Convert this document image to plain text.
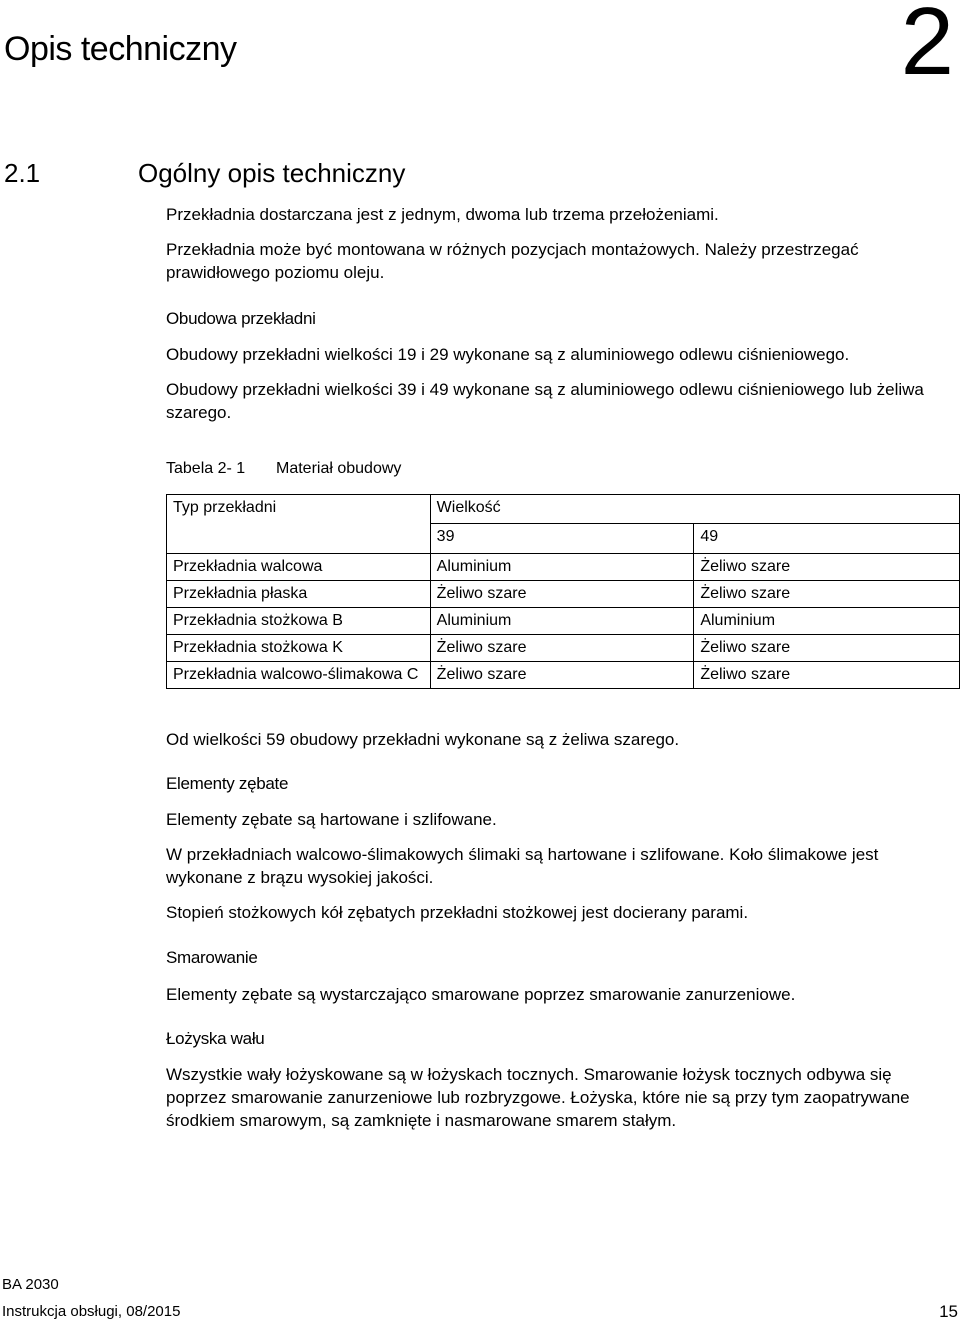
Opis techniczny	2
2.1	Ogólny opis techniczny
Przekładnia dostarczana jest z jednym, dwoma lub trzema przełożeniami.
Przekładnia może być montowana w różnych pozycjach montażowych. Należy przestrzegać prawidłowego poziomu oleju.
Obudowa przekładni
Obudowy przekładni wielkości 19 i 29 wykonane są z aluminiowego odlewu ciśnieniowego.
Obudowy przekładni wielkości 39 i 49 wykonane są z aluminiowego odlewu ciśnieniowego lub żeliwa szarego.
Tabela 2- 1 Materiał obudowy
Typ przekładni	Wielkość	
	39	49
Przekładnia walcowa	Aluminium	Żeliwo szare
Przekładnia płaska	Żeliwo szare	Żeliwo szare
Przekładnia stożkowa B	Aluminium	Aluminium
Przekładnia stożkowa K	Żeliwo szare	Żeliwo szare
Przekładnia walcowo-ślimakowa C	Żeliwo szare	Żeliwo szare
Od wielkości 59 obudowy przekładni wykonane są z żeliwa szarego.
Elementy zębate
Elementy zębate są hartowane i szlifowane.
W przekładniach walcowo-ślimakowych ślimaki są hartowane i szlifowane. Koło ślimakowe jest wykonane z brązu wysokiej jakości.
Stopień stożkowych kół zębatych przekładni stożkowej jest docierany parami.
Smarowanie
Elementy zębate są wystarczająco smarowane poprzez smarowanie zanurzeniowe.
Łożyska wału
Wszystkie wały łożyskowane są w łożyskach tocznych. Smarowanie łożysk tocznych odbywa się poprzez smarowanie zanurzeniowe lub rozbryzgowe. Łożyska, które nie są przy tym zaopatrywane środkiem smarowym, są zamknięte i nasmarowane smarem stałym.
BA 2030
Instrukcja obsługi, 08/2015	15
